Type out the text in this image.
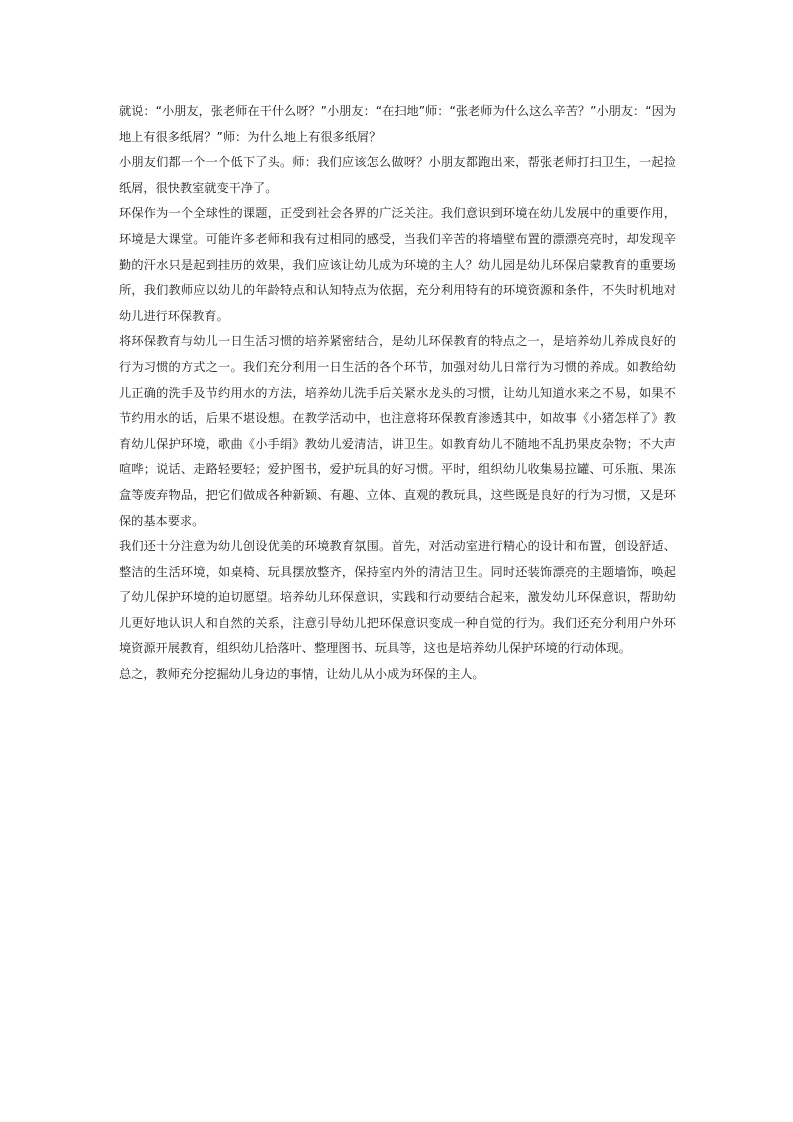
就说：“小朋友，张老师在干什么呀？”小朋友：“在扫地”师：“张老师为什么这么辛苦？”小朋友：“因为地上有很多纸屑？”师：为什么地上有很多纸屑？

小朋友们都一个一个低下了头。师：我们应该怎么做呀？小朋友都跑出来，帮张老师打扫卫生，一起捡纸屑，很快教室就变干净了。

环保作为一个全球性的课题，正受到社会各界的广泛关注。我们意识到环境在幼儿发展中的重要作用，环境是大课堂。可能许多老师和我有过相同的感受，当我们辛苦的将墙壁布置的漂漂亮亮时，却发现辛勤的汗水只是起到挂历的效果，我们应该让幼儿成为环境的主人？幼儿园是幼儿环保启蒙教育的重要场所，我们教师应以幼儿的年龄特点和认知特点为依据，充分利用特有的环境资源和条件，不失时机地对幼儿进行环保教育。

将环保教育与幼儿一日生活习惯的培养紧密结合，是幼儿环保教育的特点之一，是培养幼儿养成良好的行为习惯的方式之一。我们充分利用一日生活的各个环节，加强对幼儿日常行为习惯的养成。如教给幼儿正确的洗手及节约用水的方法，培养幼儿洗手后关紧水龙头的习惯，让幼儿知道水来之不易，如果不节约用水的话，后果不堪设想。在教学活动中，也注意将环保教育渗透其中，如故事《小猪怎样了》教育幼儿保护环境，歌曲《小手绢》教幼儿爱清洁，讲卫生。如教育幼儿不随地不乱扔果皮杂物；不大声喧哗；说话、走路轻要轻；爱护图书，爱护玩具的好习惯。平时，组织幼儿收集易拉罐、可乐瓶、果冻盒等废弃物品，把它们做成各种新颖、有趣、立体、直观的教玩具，这些既是良好的行为习惯，又是环保的基本要求。

我们还十分注意为幼儿创设优美的环境教育氛围。首先，对活动室进行精心的设计和布置，创设舒适、整洁的生活环境，如桌椅、玩具摆放整齐，保持室内外的清洁卫生。同时还装饰漂亮的主题墙饰，唤起了幼儿保护环境的迫切愿望。培养幼儿环保意识，实践和行动要结合起来，激发幼儿环保意识，帮助幼儿更好地认识人和自然的关系，注意引导幼儿把环保意识变成一种自觉的行为。我们还充分利用户外环境资源开展教育，组织幼儿拾落叶、整理图书、玩具等，这也是培养幼儿保护环境的行动体现。

总之，教师充分挖掘幼儿身边的事情，让幼儿从小成为环保的主人。
